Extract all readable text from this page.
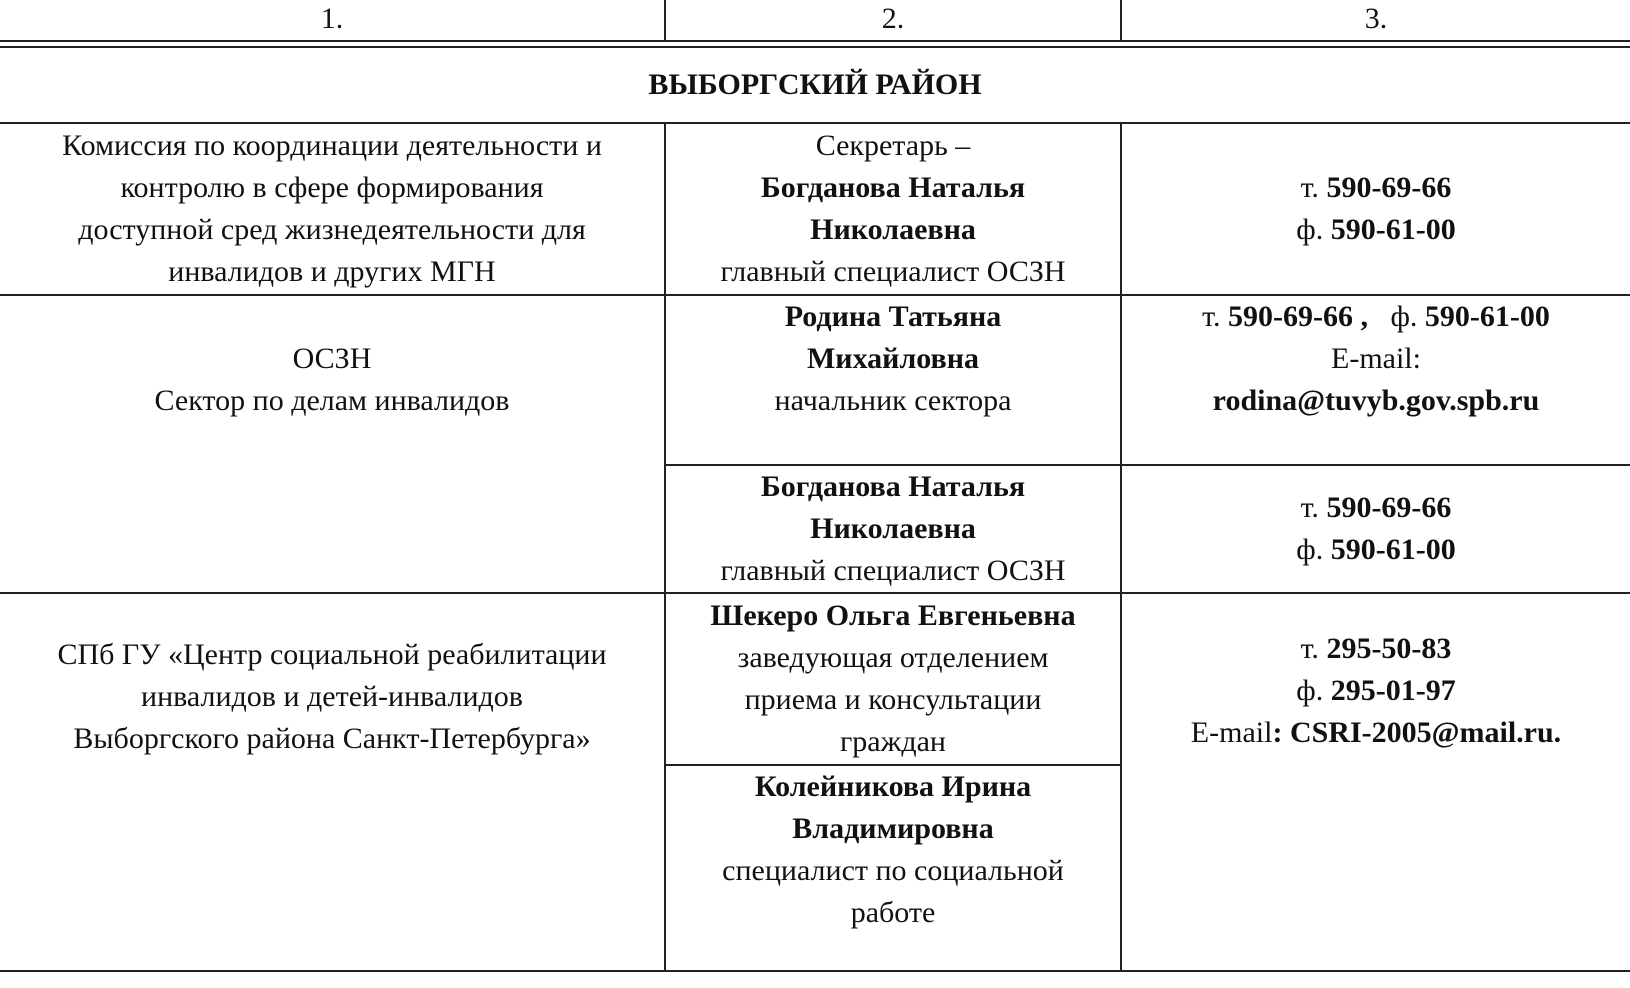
1.	2.	3.

ВЫБОРГСКИЙ РАЙОН		

Комиссия по координации деятельности и
контролю в сфере формирования
доступной сред жизнедеятельности для
инвалидов и других МГН	Секретарь –
Богданова Наталья
Николаевна
главный специалист ОСЗН	т. 590-69-66
ф. 590-61-00

ОСЗН
Сектор по делам инвалидов	Родина Татьяна
Михайловна
начальник сектора	т. 590-69-66 ,   ф. 590-61-00
E-mail:
rodina@tuvyb.gov.spb.ru

	Богданова Наталья
Николаевна
главный специалист ОСЗН	т. 590-69-66
ф. 590-61-00

СПб ГУ «Центр социальной реабилитации
инвалидов и детей-инвалидов
Выборгского района Санкт-Петербурга»	Шекеро Ольга Евгеньевна
заведующая отделением
приема и консультации
граждан	т. 295-50-83
ф. 295-01-97
E-mail: CSRI-2005@mail.ru.

	Колейникова Ирина
Владимировна
специалист по социальной
работе	
